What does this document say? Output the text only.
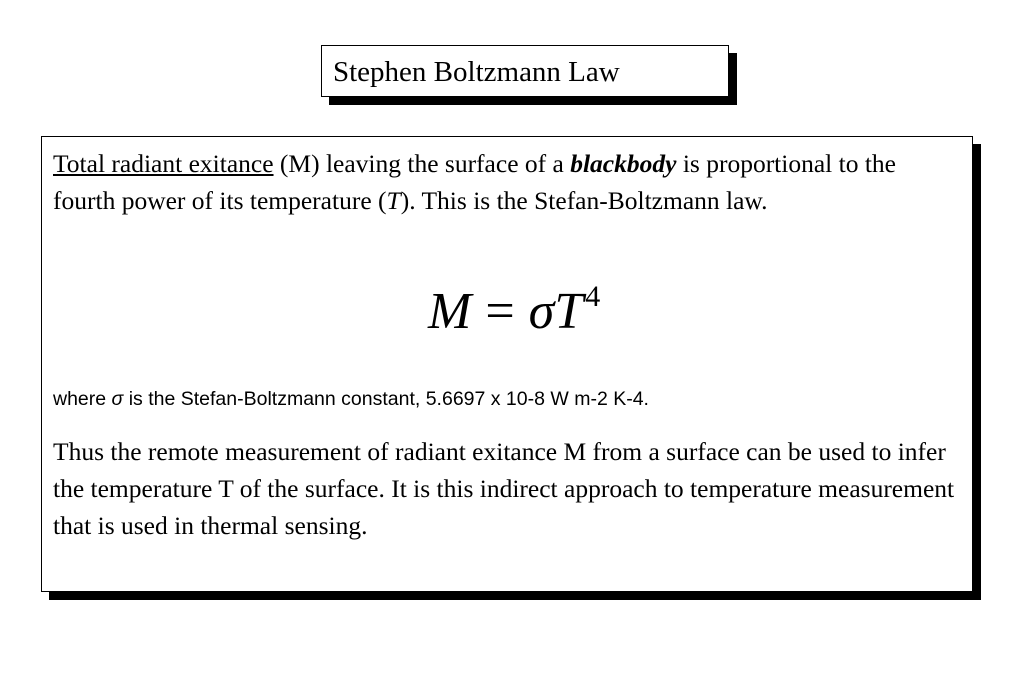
Stephen Boltzmann Law

Total radiant exitance (M) leaving the surface of a blackbody is proportional to the fourth power of its temperature (T). This is the Stefan-Boltzmann law.

$M = \sigma T^4$
where σ is the Stefan-Boltzmann constant, 5.6697 x 10-8 W m-2 K-4.

Thus the remote measurement of radiant exitance M from a surface can be used to infer the temperature T of the surface. It is this indirect approach to temperature measurement that is used in thermal sensing.
